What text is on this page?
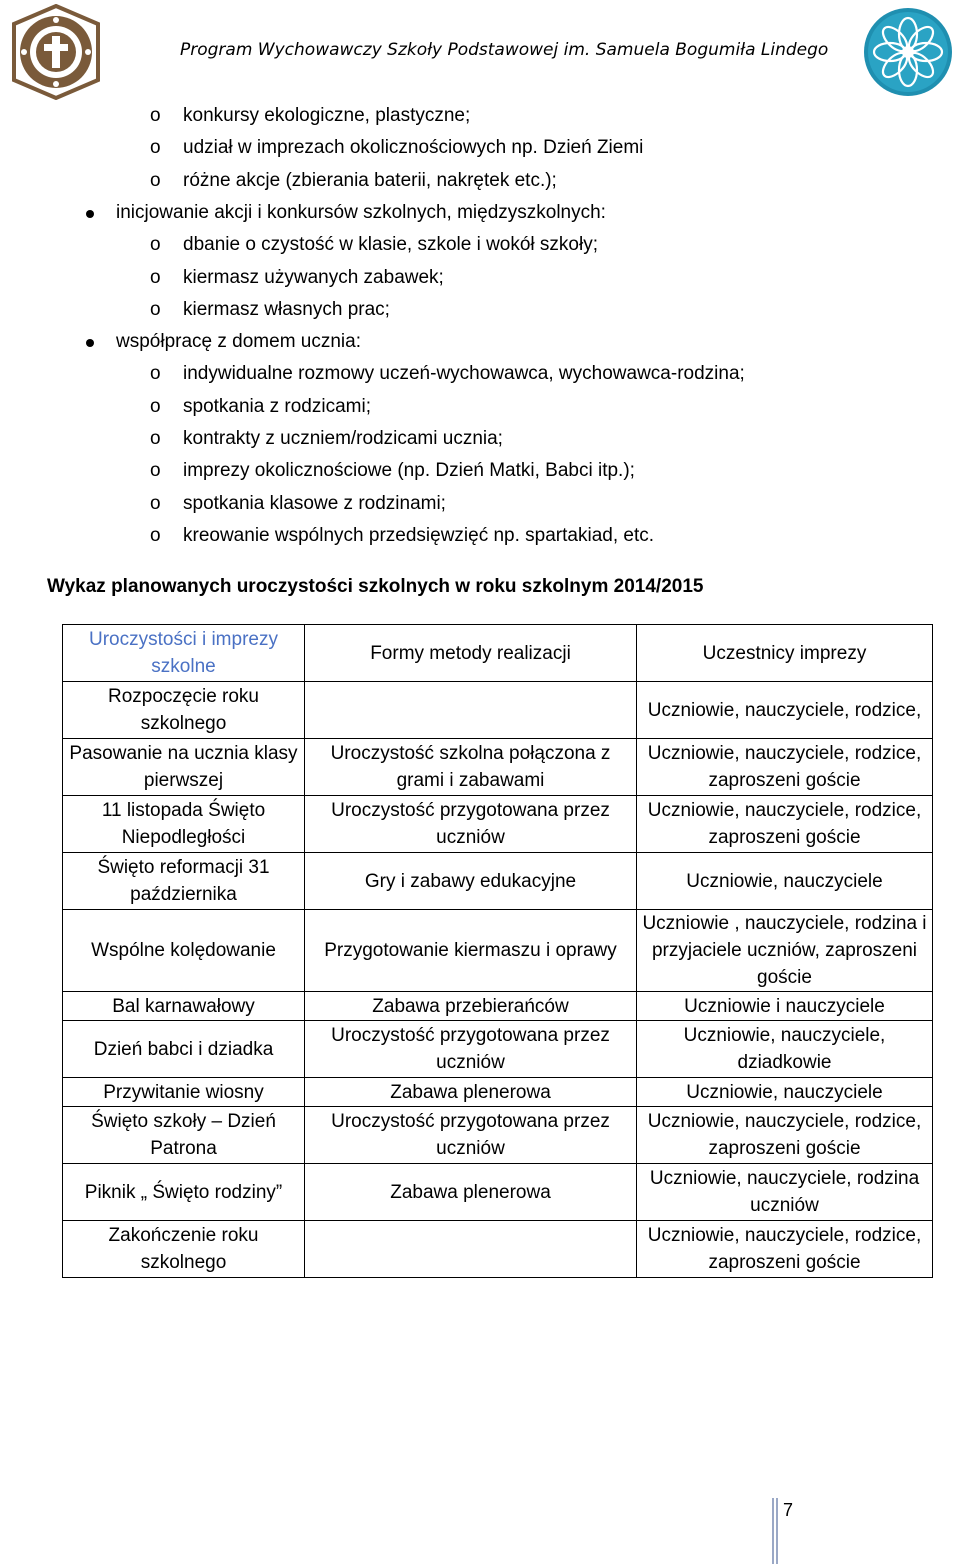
Program Wychowawczy Szkoły Podstawowej im. Samuela Bogumiła Lindego
o konkursy ekologiczne, plastyczne;
o udział w imprezach okolicznościowych np. Dzień Ziemi
o różne akcje (zbierania baterii, nakrętek etc.);
inicjowanie akcji i konkursów szkolnych, międzyszkolnych:
o dbanie o czystość w klasie, szkole i wokół szkoły;
o kiermasz używanych zabawek;
o kiermasz własnych prac;
współpracę z domem ucznia:
o indywidualne rozmowy uczeń-wychowawca, wychowawca-rodzina;
o spotkania z rodzicami;
o kontrakty z uczniem/rodzicami ucznia;
o imprezy okolicznościowe (np. Dzień Matki, Babci itp.);
o spotkania klasowe z rodzinami;
o kreowanie wspólnych przedsięwzięć np. spartakiad, etc.
Wykaz planowanych uroczystości szkolnych w roku szkolnym 2014/2015
Uroczystości i imprezy szkolne	Formy metody realizacji	Uczestnicy imprezy
Rozpoczęcie roku szkolnego		Uczniowie, nauczyciele, rodzice,
Pasowanie na ucznia klasy pierwszej	Uroczystość szkolna połączona z grami i zabawami	Uczniowie, nauczyciele, rodzice, zaproszeni goście
11 listopada Święto Niepodległości	Uroczystość przygotowana przez uczniów	Uczniowie, nauczyciele, rodzice, zaproszeni goście
Święto reformacji 31 października	Gry i zabawy edukacyjne	Uczniowie, nauczyciele
Wspólne kolędowanie	Przygotowanie kiermaszu i oprawy	Uczniowie , nauczyciele, rodzina i przyjaciele uczniów, zaproszeni goście
Bal karnawałowy	Zabawa przebierańców	Uczniowie i nauczyciele
Dzień babci i dziadka	Uroczystość przygotowana przez uczniów	Uczniowie, nauczyciele, dziadkowie
Przywitanie wiosny	Zabawa plenerowa	Uczniowie, nauczyciele
Święto szkoły – Dzień Patrona	Uroczystość przygotowana przez uczniów	Uczniowie, nauczyciele, rodzice, zaproszeni goście
Piknik „ Święto rodziny”	Zabawa plenerowa	Uczniowie, nauczyciele, rodzina uczniów
Zakończenie roku szkolnego		Uczniowie, nauczyciele, rodzice, zaproszeni goście
7
